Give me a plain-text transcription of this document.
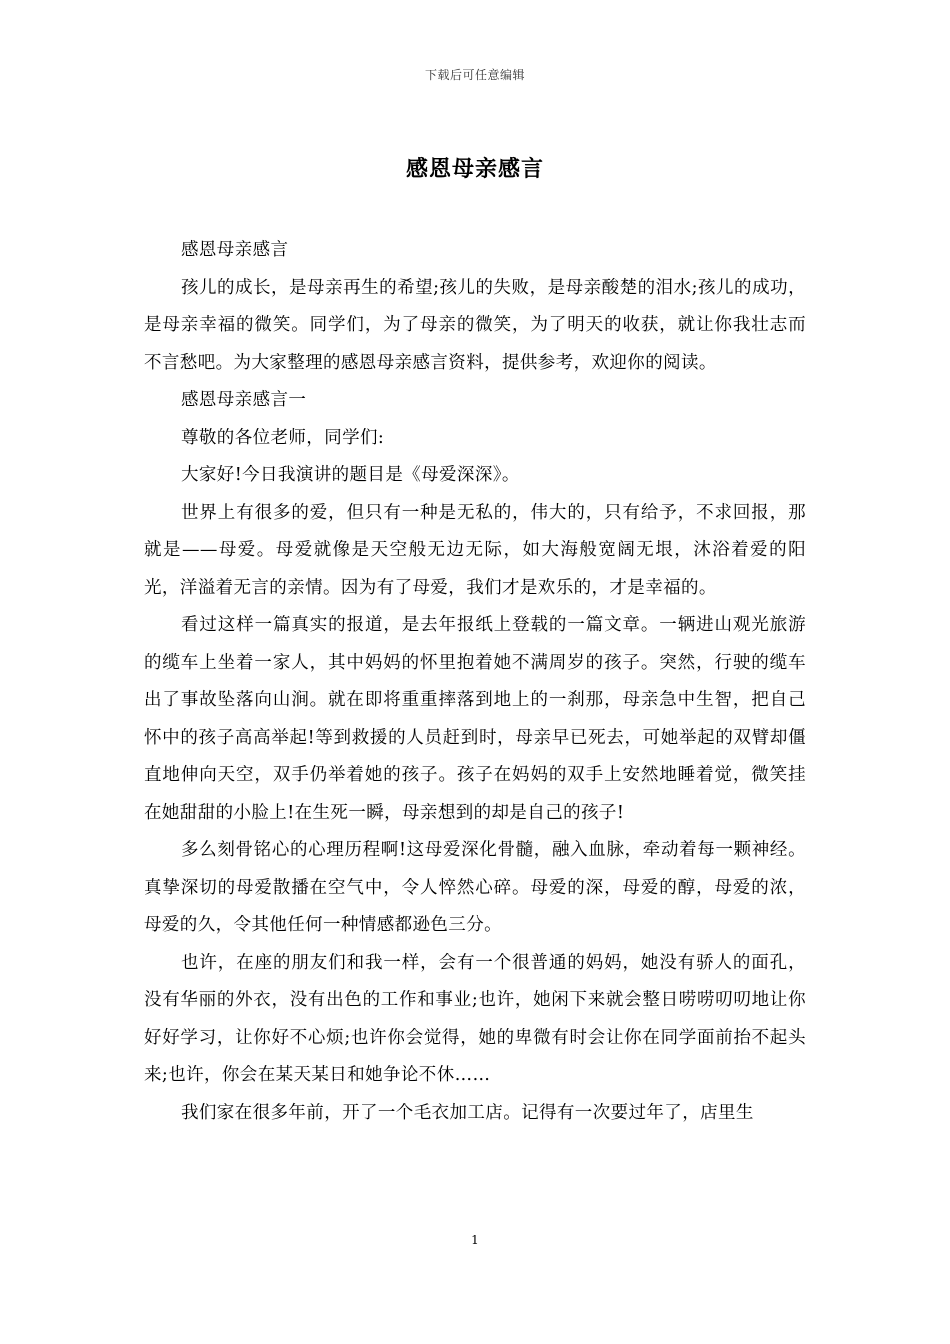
下载后可任意编辑
感恩母亲感言

感恩母亲感言

孩儿的成长，是母亲再生的希望;孩儿的失败，是母亲酸楚的泪水;孩儿的成功，是母亲幸福的微笑。同学们，为了母亲的微笑，为了明天的收获，就让你我壮志而不言愁吧。为大家整理的感恩母亲感言资料，提供参考，欢迎你的阅读。

感恩母亲感言一

尊敬的各位老师，同学们:

大家好!今日我演讲的题目是《母爱深深》。

世界上有很多的爱，但只有一种是无私的，伟大的，只有给予，不求回报，那就是——母爱。母爱就像是天空般无边无际，如大海般宽阔无垠，沐浴着爱的阳光，洋溢着无言的亲情。因为有了母爱，我们才是欢乐的，才是幸福的。

看过这样一篇真实的报道，是去年报纸上登载的一篇文章。一辆进山观光旅游的缆车上坐着一家人，其中妈妈的怀里抱着她不满周岁的孩子。突然，行驶的缆车出了事故坠落向山涧。就在即将重重摔落到地上的一刹那，母亲急中生智，把自己怀中的孩子高高举起!等到救援的人员赶到时，母亲早已死去，可她举起的双臂却僵直地伸向天空，双手仍举着她的孩子。孩子在妈妈的双手上安然地睡着觉，微笑挂在她甜甜的小脸上!在生死一瞬，母亲想到的却是自己的孩子!

多么刻骨铭心的心理历程啊!这母爱深化骨髓，融入血脉，牵动着每一颗神经。真挚深切的母爱散播在空气中，令人悴然心碎。母爱的深，母爱的醇，母爱的浓，母爱的久，令其他任何一种情感都逊色三分。

也许，在座的朋友们和我一样，会有一个很普通的妈妈，她没有骄人的面孔，没有华丽的外衣，没有出色的工作和事业;也许，她闲下来就会整日唠唠叨叨地让你好好学习，让你好不心烦;也许你会觉得，她的卑微有时会让你在同学面前抬不起头来;也许，你会在某天某日和她争论不休……

我们家在很多年前，开了一个毛衣加工店。记得有一次要过年了，店里生

1
